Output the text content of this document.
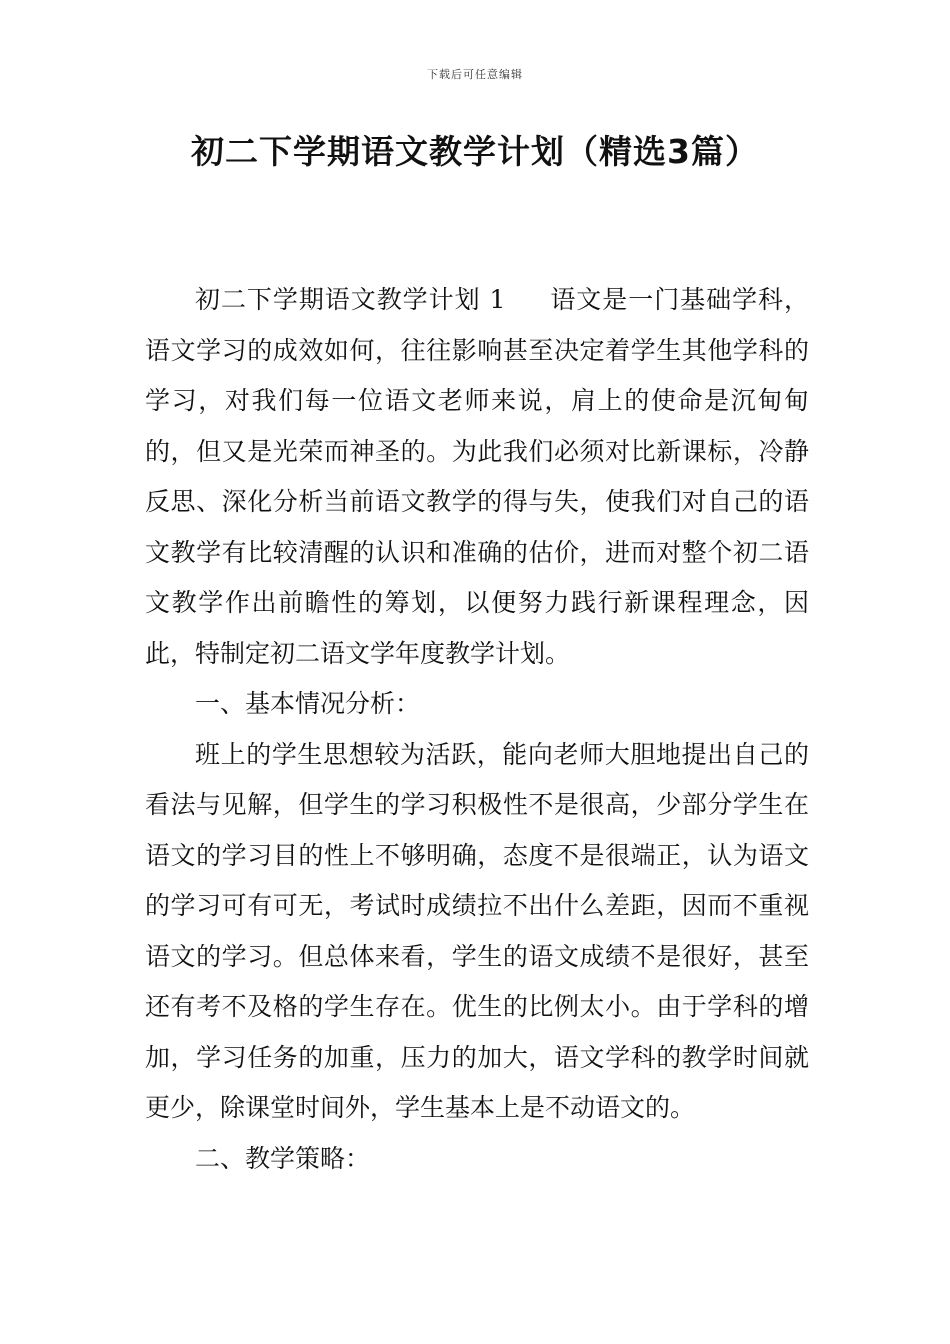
下载后可任意编辑
初二下学期语文教学计划（精选3篇）

初二下学期语文教学计划 1 语文是一门基础学科，语文学习的成效如何，往往影响甚至决定着学生其他学科的学习，对我们每一位语文老师来说，肩上的使命是沉甸甸的，但又是光荣而神圣的。为此我们必须对比新课标，冷静反思、深化分析当前语文教学的得与失，使我们对自己的语文教学有比较清醒的认识和准确的估价，进而对整个初二语文教学作出前瞻性的筹划，以便努力践行新课程理念，因此，特制定初二语文学年度教学计划。

一、基本情况分析：

班上的学生思想较为活跃，能向老师大胆地提出自己的看法与见解，但学生的学习积极性不是很高，少部分学生在语文的学习目的性上不够明确，态度不是很端正，认为语文的学习可有可无，考试时成绩拉不出什么差距，因而不重视语文的学习。但总体来看，学生的语文成绩不是很好，甚至还有考不及格的学生存在。优生的比例太小。由于学科的增加，学习任务的加重，压力的加大，语文学科的教学时间就更少，除课堂时间外，学生基本上是不动语文的。

二、教学策略：
